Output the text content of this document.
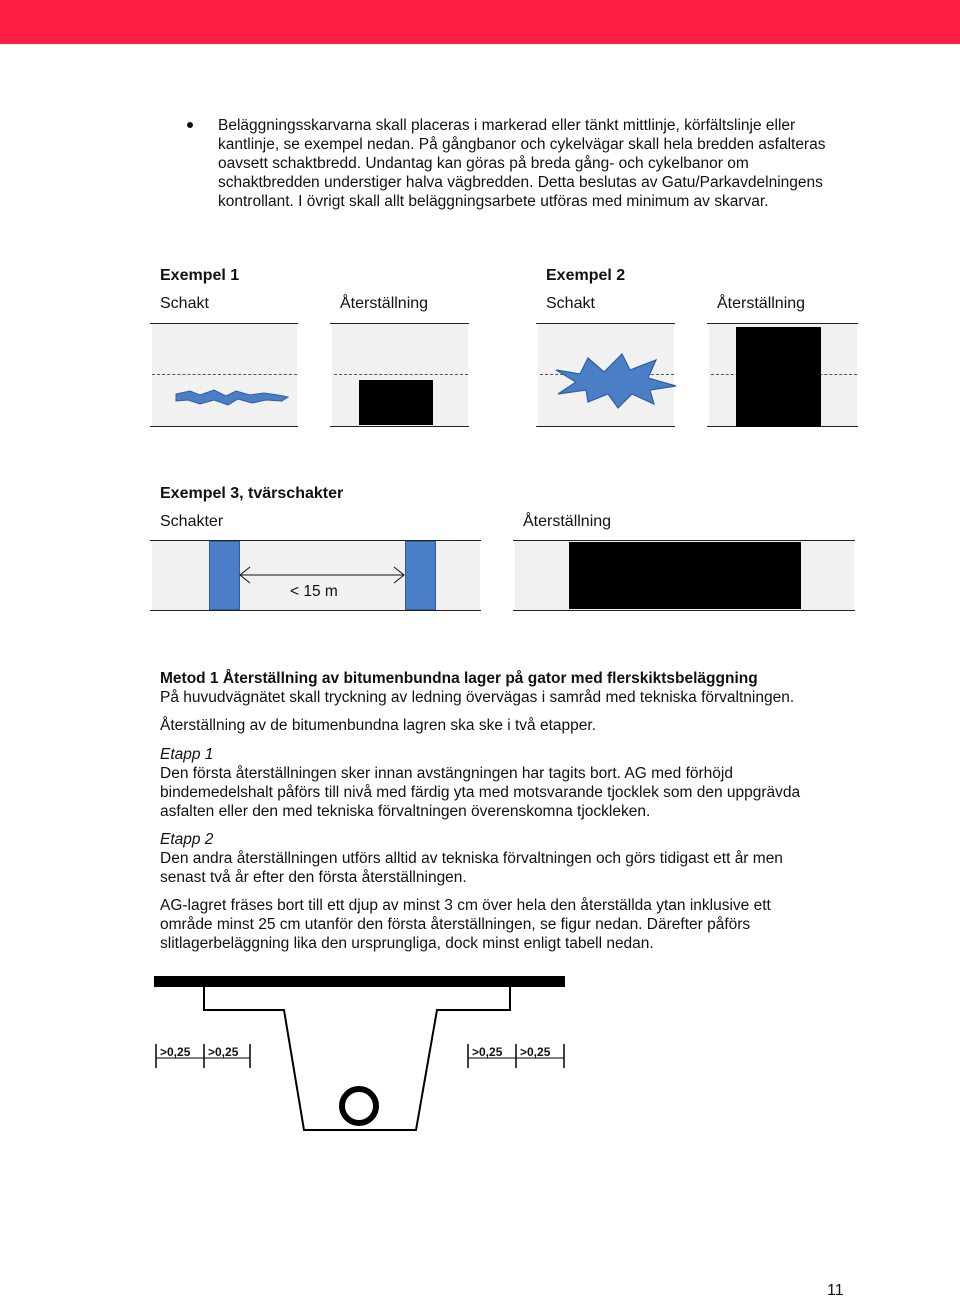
Beläggningsskarvarna skall placeras i markerad eller tänkt mittlinje, körfältslinje eller kantlinje, se exempel nedan. På gångbanor och cykelvägar skall hela bredden asfalteras oavsett schaktbredd. Undantag kan göras på breda gång- och cykelbanor om schaktbredden understiger halva vägbredden. Detta beslutas av Gatu/Parkavdelningens kontrollant. I övrigt skall allt beläggningsarbete utföras med minimum av skarvar.
Exempel 1	Exempel 2
Schakt	Återställning	Schakt	Återställning
Exempel 3, tvärschakter
Schakter	Återställning
< 15 m
Metod 1 Återställning av bitumenbundna lager på gator med flerskiktsbeläggning
På huvudvägnätet skall tryckning av ledning övervägas i samråd med tekniska förvaltningen.
Återställning av de bitumenbundna lagren ska ske i två etapper.
Etapp 1
Den första återställningen sker innan avstängningen har tagits bort. AG med förhöjd bindemedelshalt påförs till nivå med färdig yta med motsvarande tjocklek som den uppgrävda asfalten eller den med tekniska förvaltningen överenskomna tjockleken.
Etapp 2
Den andra återställningen utförs alltid av tekniska förvaltningen och görs tidigast ett år men senast två år efter den första återställningen.
AG-lagret fräses bort till ett djup av minst 3 cm över hela den återställda ytan inklusive ett område minst 25 cm utanför den första återställningen, se figur nedan. Därefter påförs slitlagerbeläggning lika den ursprungliga, dock minst enligt tabell nedan.
>0,25 >0,25	>0,25 >0,25
11
